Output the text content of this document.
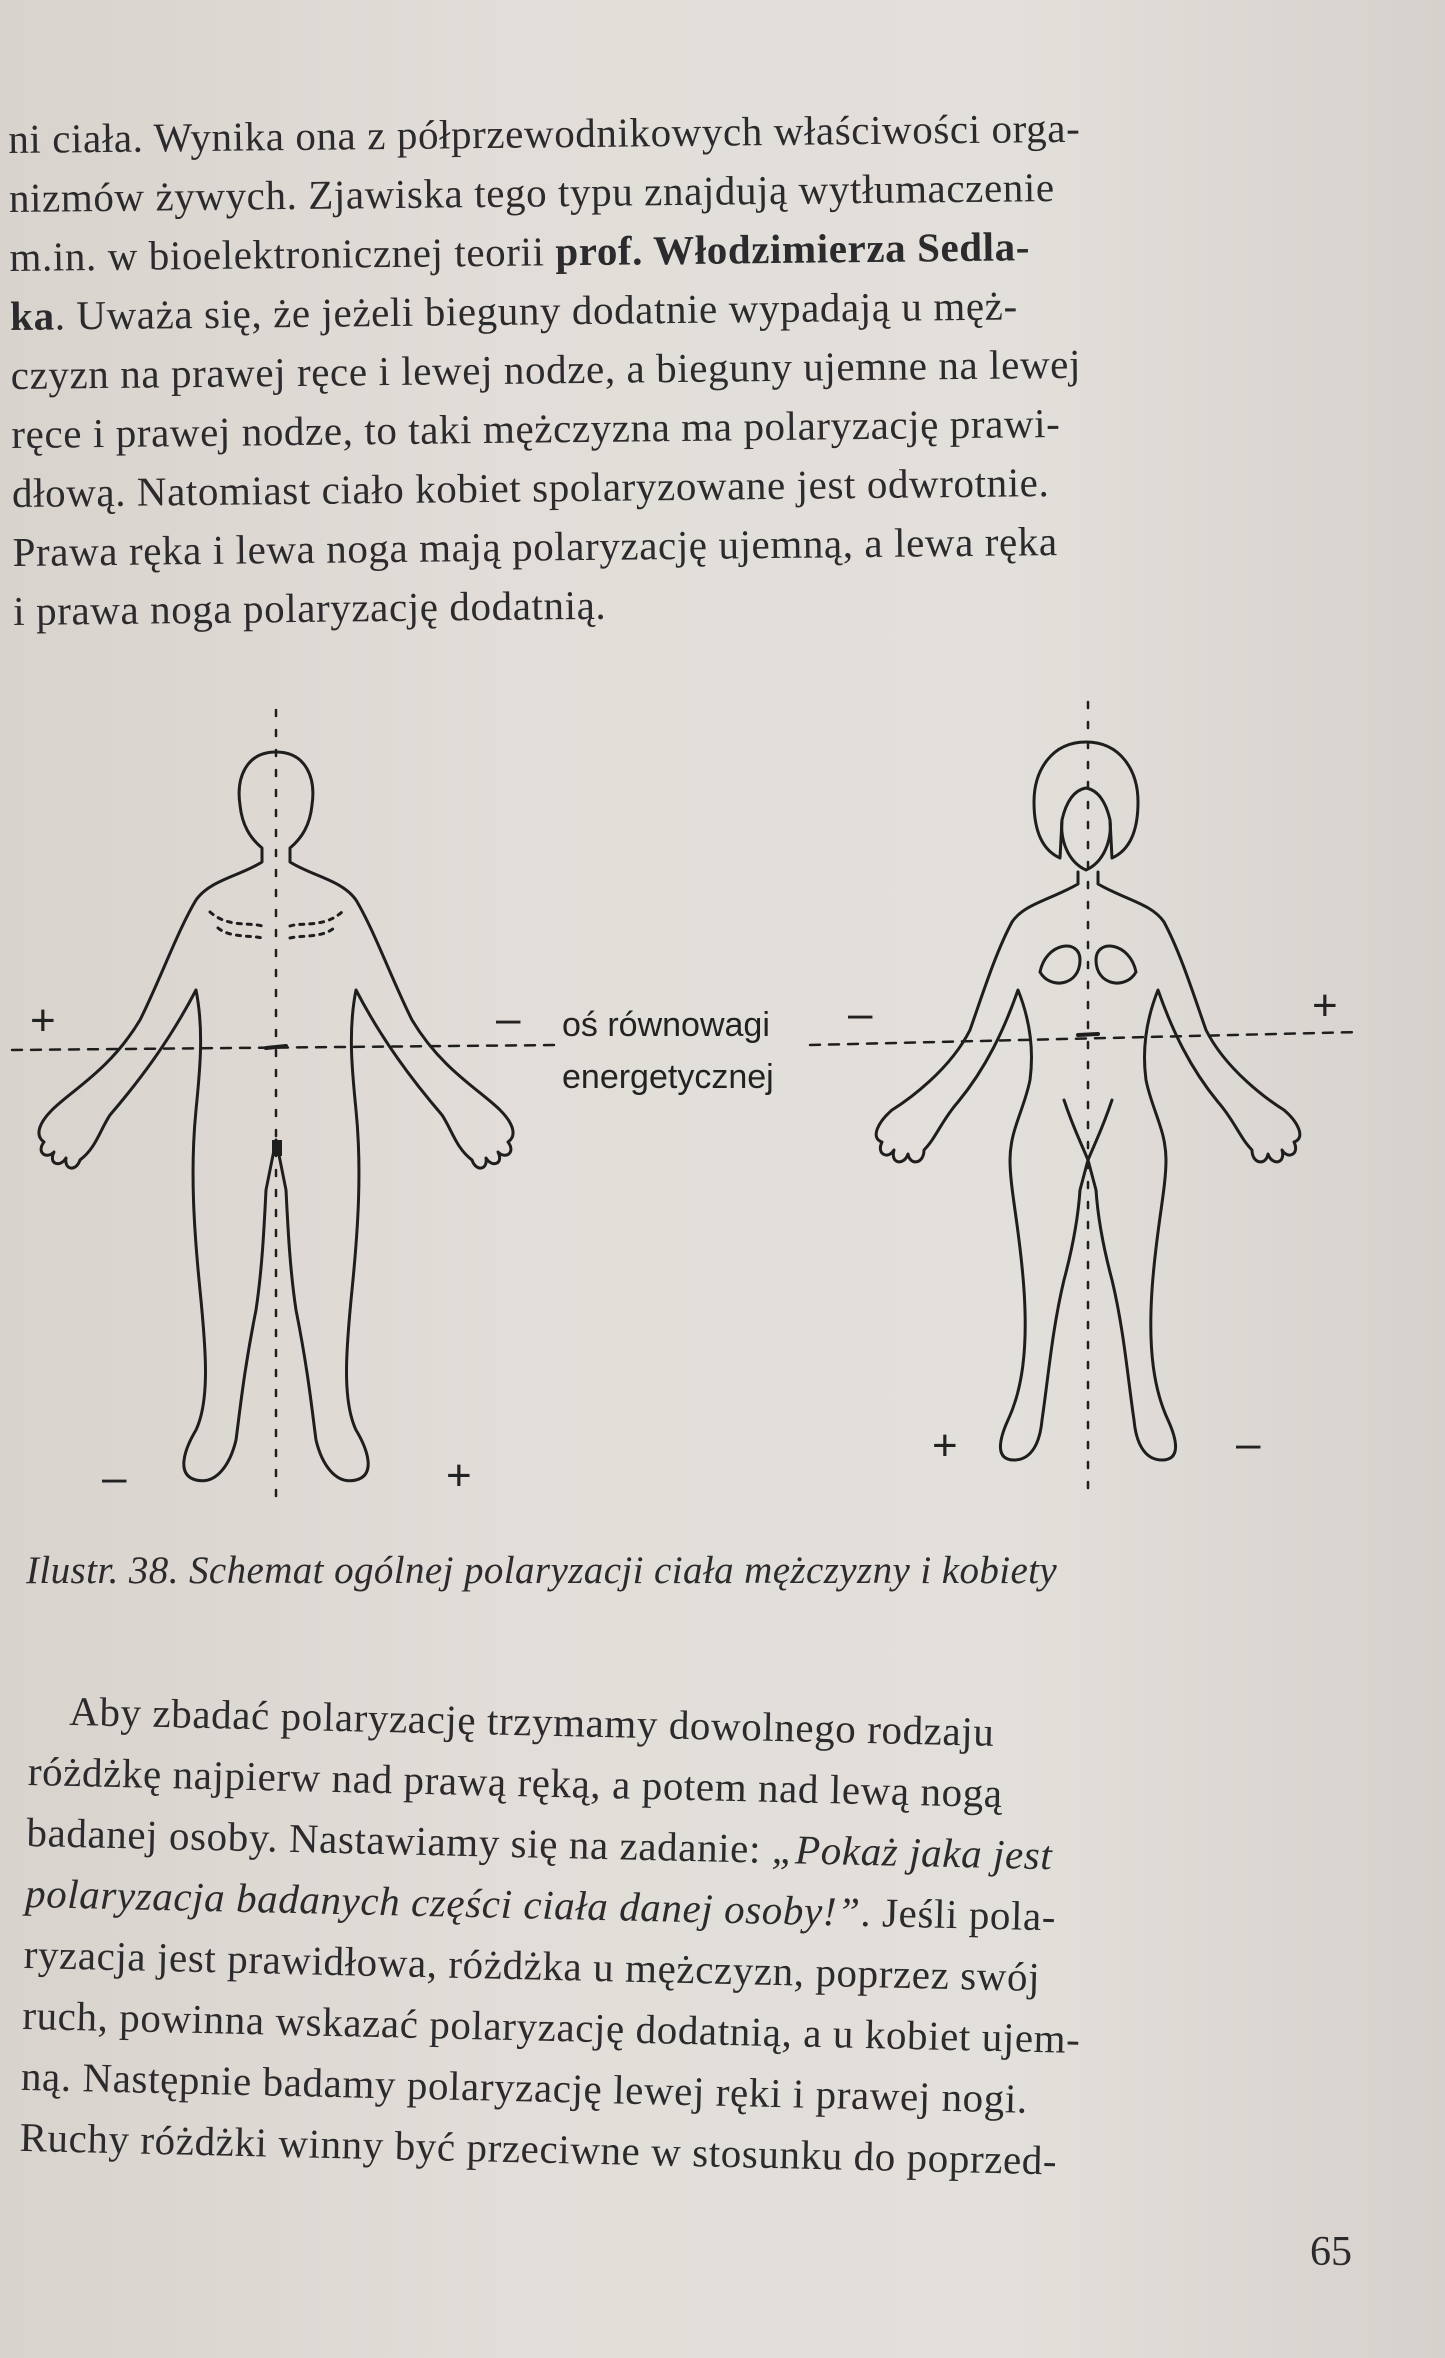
ni ciała. Wynika ona z półprzewodnikowych właściwości orga-

nizmów żywych. Zjawiska tego typu znajdują wytłumaczenie

m.in. w bioelektronicznej teorii prof. Włodzimierza Sedla-

ka. Uważa się, że jeżeli bieguny dodatnie wypadają u męż-

czyzn na prawej ręce i lewej nodze, a bieguny ujemne na lewej

ręce i prawej nodze, to taki mężczyzna ma polaryzację prawi-

dłową. Natomiast ciało kobiet spolaryzowane jest odwrotnie.

Prawa ręka i lewa noga mają polaryzację ujemną, a lewa ręka

i prawa noga polaryzację dodatnią.

oś równowagi
energetycznej
+	–
–	+
–	+
+	–

Ilustr. 38. Schemat ogólnej polaryzacji ciała mężczyzny i kobiety

Aby zbadać polaryzację trzymamy dowolnego rodzaju

różdżkę najpierw nad prawą ręką, a potem nad lewą nogą

badanej osoby. Nastawiamy się na zadanie: „Pokaż jaka jest

polaryzacja badanych części ciała danej osoby!”. Jeśli pola-

ryzacja jest prawidłowa, różdżka u mężczyzn, poprzez swój

ruch, powinna wskazać polaryzację dodatnią, a u kobiet ujem-

ną. Następnie badamy polaryzację lewej ręki i prawej nogi.

Ruchy różdżki winny być przeciwne w stosunku do poprzed-

65
